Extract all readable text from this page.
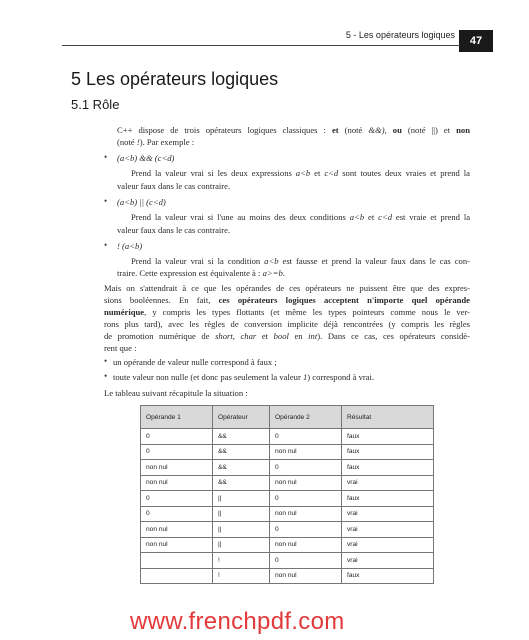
5 - Les opérateurs logiques	47
5 Les opérateurs logiques
5.1 Rôle
C++ dispose de trois opérateurs logiques classiques : et (noté &&), ou (noté ||) et non
(noté !). Par exemple :
• (a<b) && (c<d)
Prend la valeur vrai si les deux expressions a<b et c<d sont toutes deux vraies et prend la
valeur faux dans le cas contraire.
• (a<b) || (c<d)
Prend la valeur vrai si l'une au moins des deux conditions a<b et c<d est vraie et prend la
valeur faux dans le cas contraire.
• ! (a<b)
Prend la valeur vrai si la condition a<b est fausse et prend la valeur faux dans le cas con-
traire. Cette expression est équivalente à : a>=b.
Mais on s'attendrait à ce que les opérandes de ces opérateurs ne puissent être que des expres-
sions booléennes. En fait, ces opérateurs logiques acceptent n'importe quel opérande
numérique, y compris les types flottants (et même les types pointeurs comme nous le ver-
rons plus tard), avec les règles de conversion implicite déjà rencontrées (y compris les règles
de promotion numérique de short, char et bool en int). Dans ce cas, ces opérateurs considè-
rent que :
• un opérande de valeur nulle correspond à faux ;
• toute valeur non nulle (et donc pas seulement la valeur 1) correspond à vrai.
Le tableau suivant récapitule la situation :
Opérande 1	Opérateur	Opérande 2	Résultat
0	&&	0	faux
0	&&	non nul	faux
non nul	&&	0	faux
non nul	&&	non nul	vrai
0	||	0	faux
0	||	non nul	vrai
non nul	||	0	vrai
non nul	||	non nul	vrai
	!	0	vrai
	!	non nul	faux
www.frenchpdf.com
